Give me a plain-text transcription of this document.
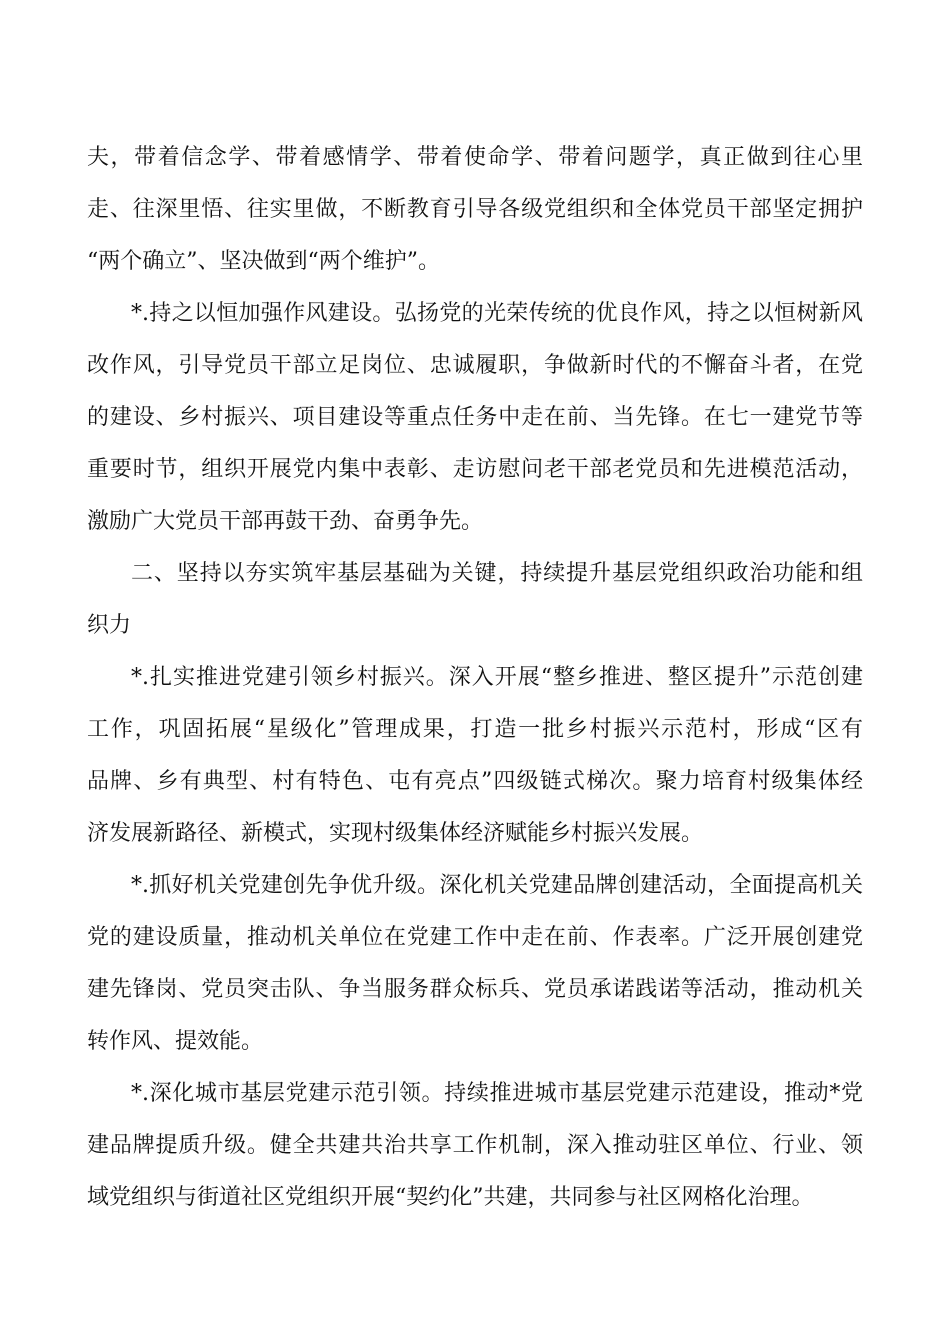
夫，带着信念学、带着感情学、带着使命学、带着问题学，真正做到往心里
走、往深里悟、往实里做，不断教育引导各级党组织和全体党员干部坚定拥护
“两个确立”、坚决做到“两个维护”。
*.持之以恒加强作风建设。弘扬党的光荣传统的优良作风，持之以恒树新风
改作风，引导党员干部立足岗位、忠诚履职，争做新时代的不懈奋斗者，在党
的建设、乡村振兴、项目建设等重点任务中走在前、当先锋。在七一建党节等
重要时节，组织开展党内集中表彰、走访慰问老干部老党员和先进模范活动，
激励广大党员干部再鼓干劲、奋勇争先。
二、坚持以夯实筑牢基层基础为关键，持续提升基层党组织政治功能和组
织力
*.扎实推进党建引领乡村振兴。深入开展“整乡推进、整区提升”示范创建
工作，巩固拓展“星级化”管理成果，打造一批乡村振兴示范村，形成“区有
品牌、乡有典型、村有特色、屯有亮点”四级链式梯次。聚力培育村级集体经
济发展新路径、新模式，实现村级集体经济赋能乡村振兴发展。
*.抓好机关党建创先争优升级。深化机关党建品牌创建活动，全面提高机关
党的建设质量，推动机关单位在党建工作中走在前、作表率。广泛开展创建党
建先锋岗、党员突击队、争当服务群众标兵、党员承诺践诺等活动，推动机关
转作风、提效能。
*.深化城市基层党建示范引领。持续推进城市基层党建示范建设，推动*党
建品牌提质升级。健全共建共治共享工作机制，深入推动驻区单位、行业、领
域党组织与街道社区党组织开展“契约化”共建，共同参与社区网格化治理。
